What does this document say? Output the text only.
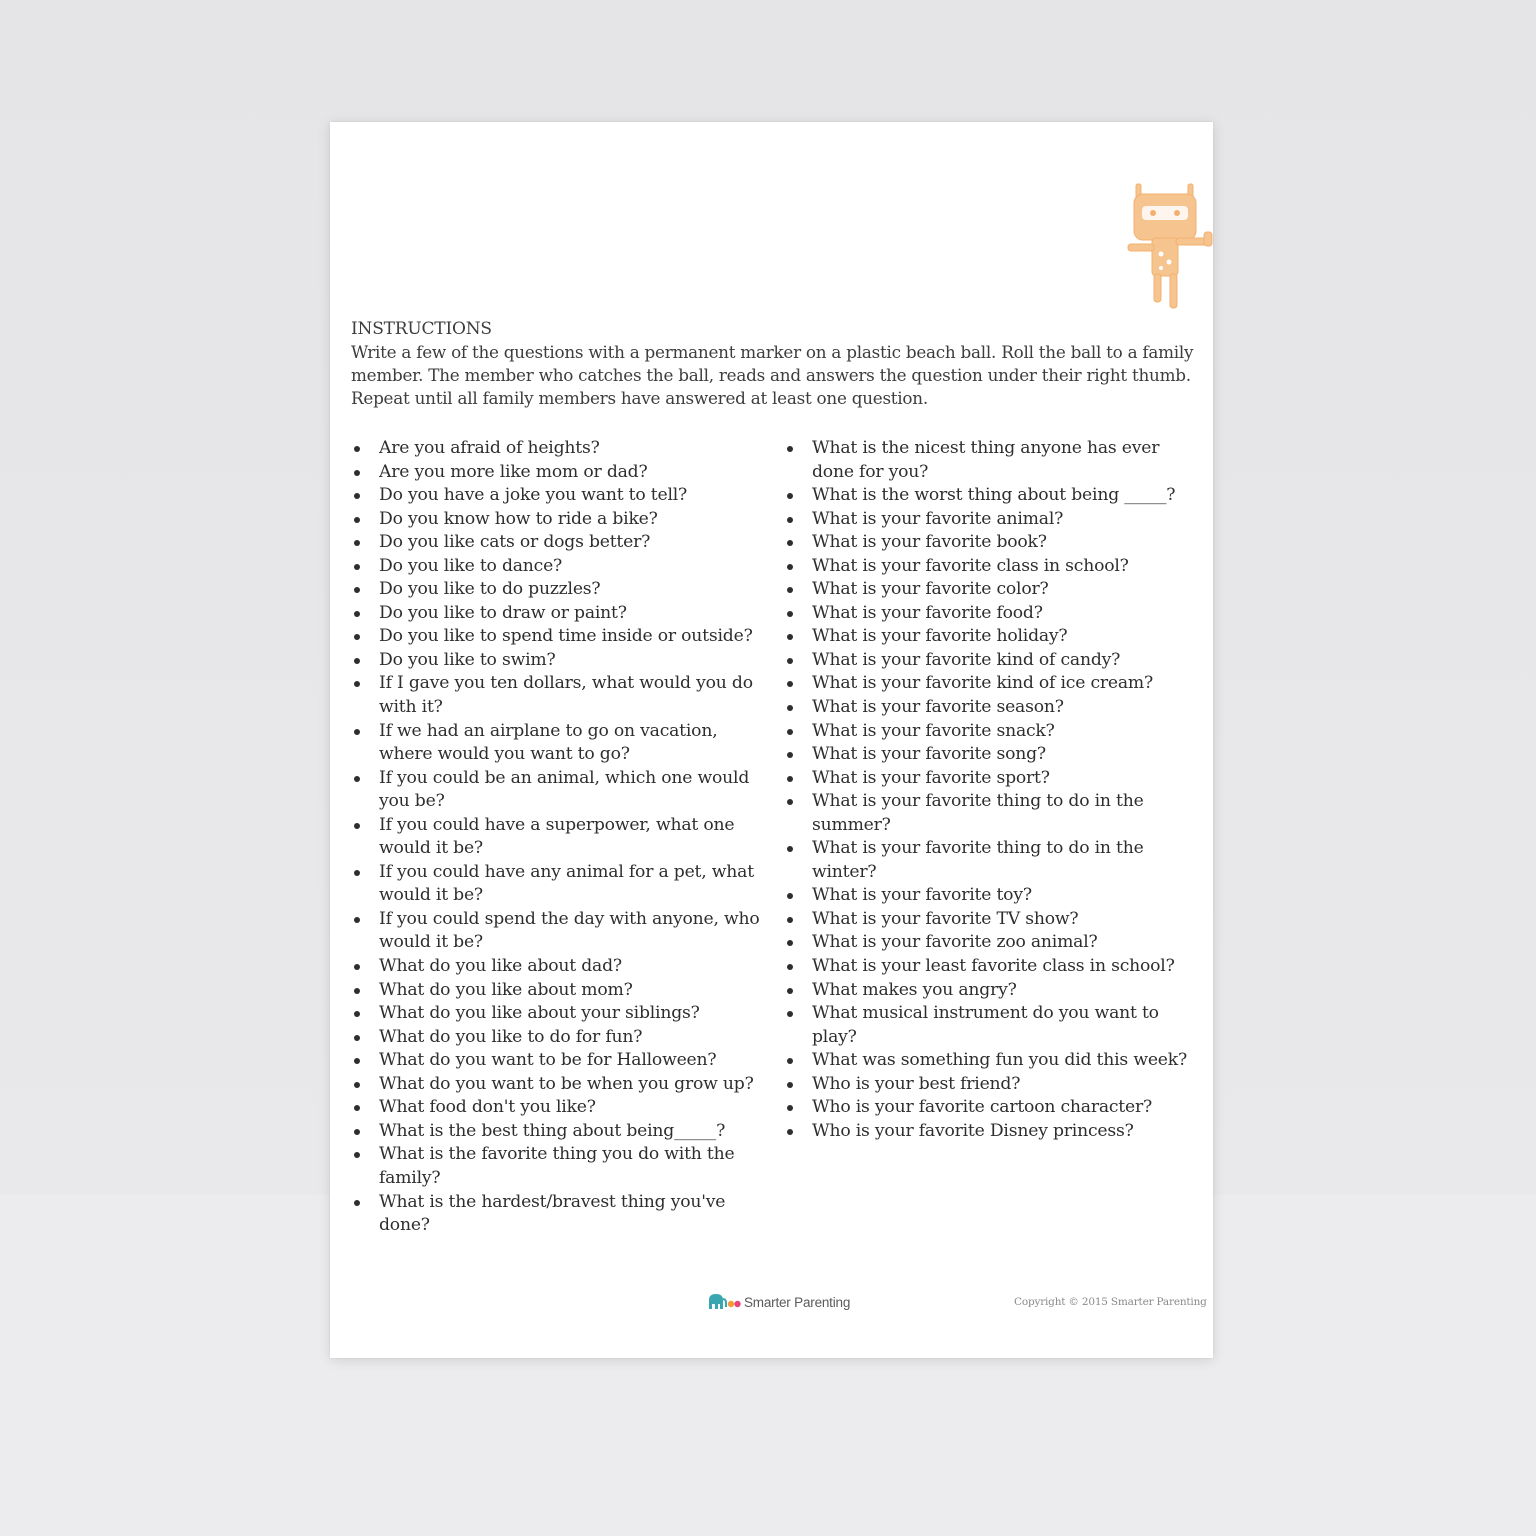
INSTRUCTIONS

Write a few of the questions with a permanent marker on a plastic beach ball. Roll the ball to a family member. The member who catches the ball, reads and answers the question under their right thumb. Repeat until all family members have answered at least one question.

Are you afraid of heights?
Are you more like mom or dad?
Do you have a joke you want to tell?
Do you know how to ride a bike?
Do you like cats or dogs better?
Do you like to dance?
Do you like to do puzzles?
Do you like to draw or paint?
Do you like to spend time inside or outside?
Do you like to swim?
If I gave you ten dollars, what would you do with it?
If we had an airplane to go on vacation, where would you want to go?
If you could be an animal, which one would you be?
If you could have a superpower, what one would it be?
If you could have any animal for a pet, what would it be?
If you could spend the day with anyone, who would it be?
What do you like about dad?
What do you like about mom?
What do you like about your siblings?
What do you like to do for fun?
What do you want to be for Halloween?
What do you want to be when you grow up?
What food don't you like?
What is the best thing about being_____?
What is the favorite thing you do with the family?
What is the hardest/bravest thing you've done?
What is the nicest thing anyone has ever done for you?
What is the worst thing about being _____?
What is your favorite animal?
What is your favorite book?
What is your favorite class in school?
What is your favorite color?
What is your favorite food?
What is your favorite holiday?
What is your favorite kind of candy?
What is your favorite kind of ice cream?
What is your favorite season?
What is your favorite snack?
What is your favorite song?
What is your favorite sport?
What is your favorite thing to do in the summer?
What is your favorite thing to do in the winter?
What is your favorite toy?
What is your favorite TV show?
What is your favorite zoo animal?
What is your least favorite class in school?
What makes you angry?
What musical instrument do you want to play?
What was something fun you did this week?
Who is your best friend?
Who is your favorite cartoon character?
Who is your favorite Disney princess?
Smarter Parenting	Copyright © 2015 Smarter Parenting
